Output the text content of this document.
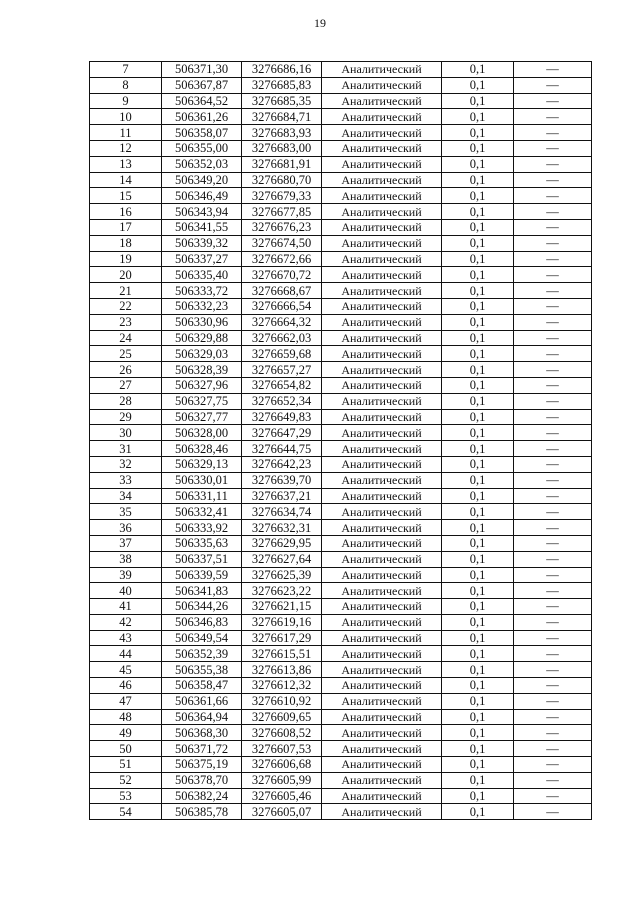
19
7	506371,30	3276686,16	Аналитический	0,1	—
8	506367,87	3276685,83	Аналитический	0,1	—
9	506364,52	3276685,35	Аналитический	0,1	—
10	506361,26	3276684,71	Аналитический	0,1	—
11	506358,07	3276683,93	Аналитический	0,1	—
12	506355,00	3276683,00	Аналитический	0,1	—
13	506352,03	3276681,91	Аналитический	0,1	—
14	506349,20	3276680,70	Аналитический	0,1	—
15	506346,49	3276679,33	Аналитический	0,1	—
16	506343,94	3276677,85	Аналитический	0,1	—
17	506341,55	3276676,23	Аналитический	0,1	—
18	506339,32	3276674,50	Аналитический	0,1	—
19	506337,27	3276672,66	Аналитический	0,1	—
20	506335,40	3276670,72	Аналитический	0,1	—
21	506333,72	3276668,67	Аналитический	0,1	—
22	506332,23	3276666,54	Аналитический	0,1	—
23	506330,96	3276664,32	Аналитический	0,1	—
24	506329,88	3276662,03	Аналитический	0,1	—
25	506329,03	3276659,68	Аналитический	0,1	—
26	506328,39	3276657,27	Аналитический	0,1	—
27	506327,96	3276654,82	Аналитический	0,1	—
28	506327,75	3276652,34	Аналитический	0,1	—
29	506327,77	3276649,83	Аналитический	0,1	—
30	506328,00	3276647,29	Аналитический	0,1	—
31	506328,46	3276644,75	Аналитический	0,1	—
32	506329,13	3276642,23	Аналитический	0,1	—
33	506330,01	3276639,70	Аналитический	0,1	—
34	506331,11	3276637,21	Аналитический	0,1	—
35	506332,41	3276634,74	Аналитический	0,1	—
36	506333,92	3276632,31	Аналитический	0,1	—
37	506335,63	3276629,95	Аналитический	0,1	—
38	506337,51	3276627,64	Аналитический	0,1	—
39	506339,59	3276625,39	Аналитический	0,1	—
40	506341,83	3276623,22	Аналитический	0,1	—
41	506344,26	3276621,15	Аналитический	0,1	—
42	506346,83	3276619,16	Аналитический	0,1	—
43	506349,54	3276617,29	Аналитический	0,1	—
44	506352,39	3276615,51	Аналитический	0,1	—
45	506355,38	3276613,86	Аналитический	0,1	—
46	506358,47	3276612,32	Аналитический	0,1	—
47	506361,66	3276610,92	Аналитический	0,1	—
48	506364,94	3276609,65	Аналитический	0,1	—
49	506368,30	3276608,52	Аналитический	0,1	—
50	506371,72	3276607,53	Аналитический	0,1	—
51	506375,19	3276606,68	Аналитический	0,1	—
52	506378,70	3276605,99	Аналитический	0,1	—
53	506382,24	3276605,46	Аналитический	0,1	—
54	506385,78	3276605,07	Аналитический	0,1	—
